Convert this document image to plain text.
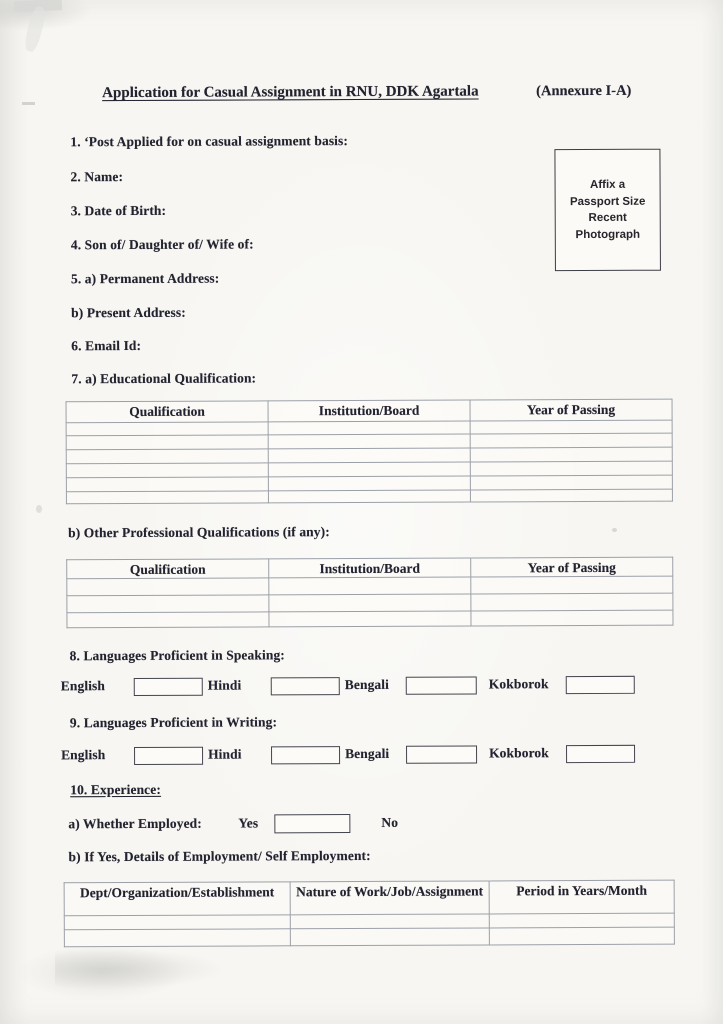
Application for Casual Assignment in RNU, DDK Agartala	(Annexure I-A)
1. ‘Post Applied for on casual assignment basis:
2. Name:
3. Date of Birth:
4. Son of/ Daughter of/ Wife of:
5. a) Permanent Address:
b) Present Address:
6. Email Id:
7. a) Educational Qualification:
Affix a
Passport Size
Recent
Photograph
Qualification	Institution/Board	Year of Passing

b) Other Professional Qualifications (if any):
Qualification	Institution/Board	Year of Passing

8. Languages Proficient in Speaking:
English	Hindi	Bengali	Kokborok
9. Languages Proficient in Writing:
English	Hindi	Bengali	Kokborok
10. Experience:
a) Whether Employed:	Yes	No
b) If Yes, Details of Employment/ Self Employment:
Dept/Organization/Establishment	Nature of Work/Job/Assignment	Period in Years/Month
